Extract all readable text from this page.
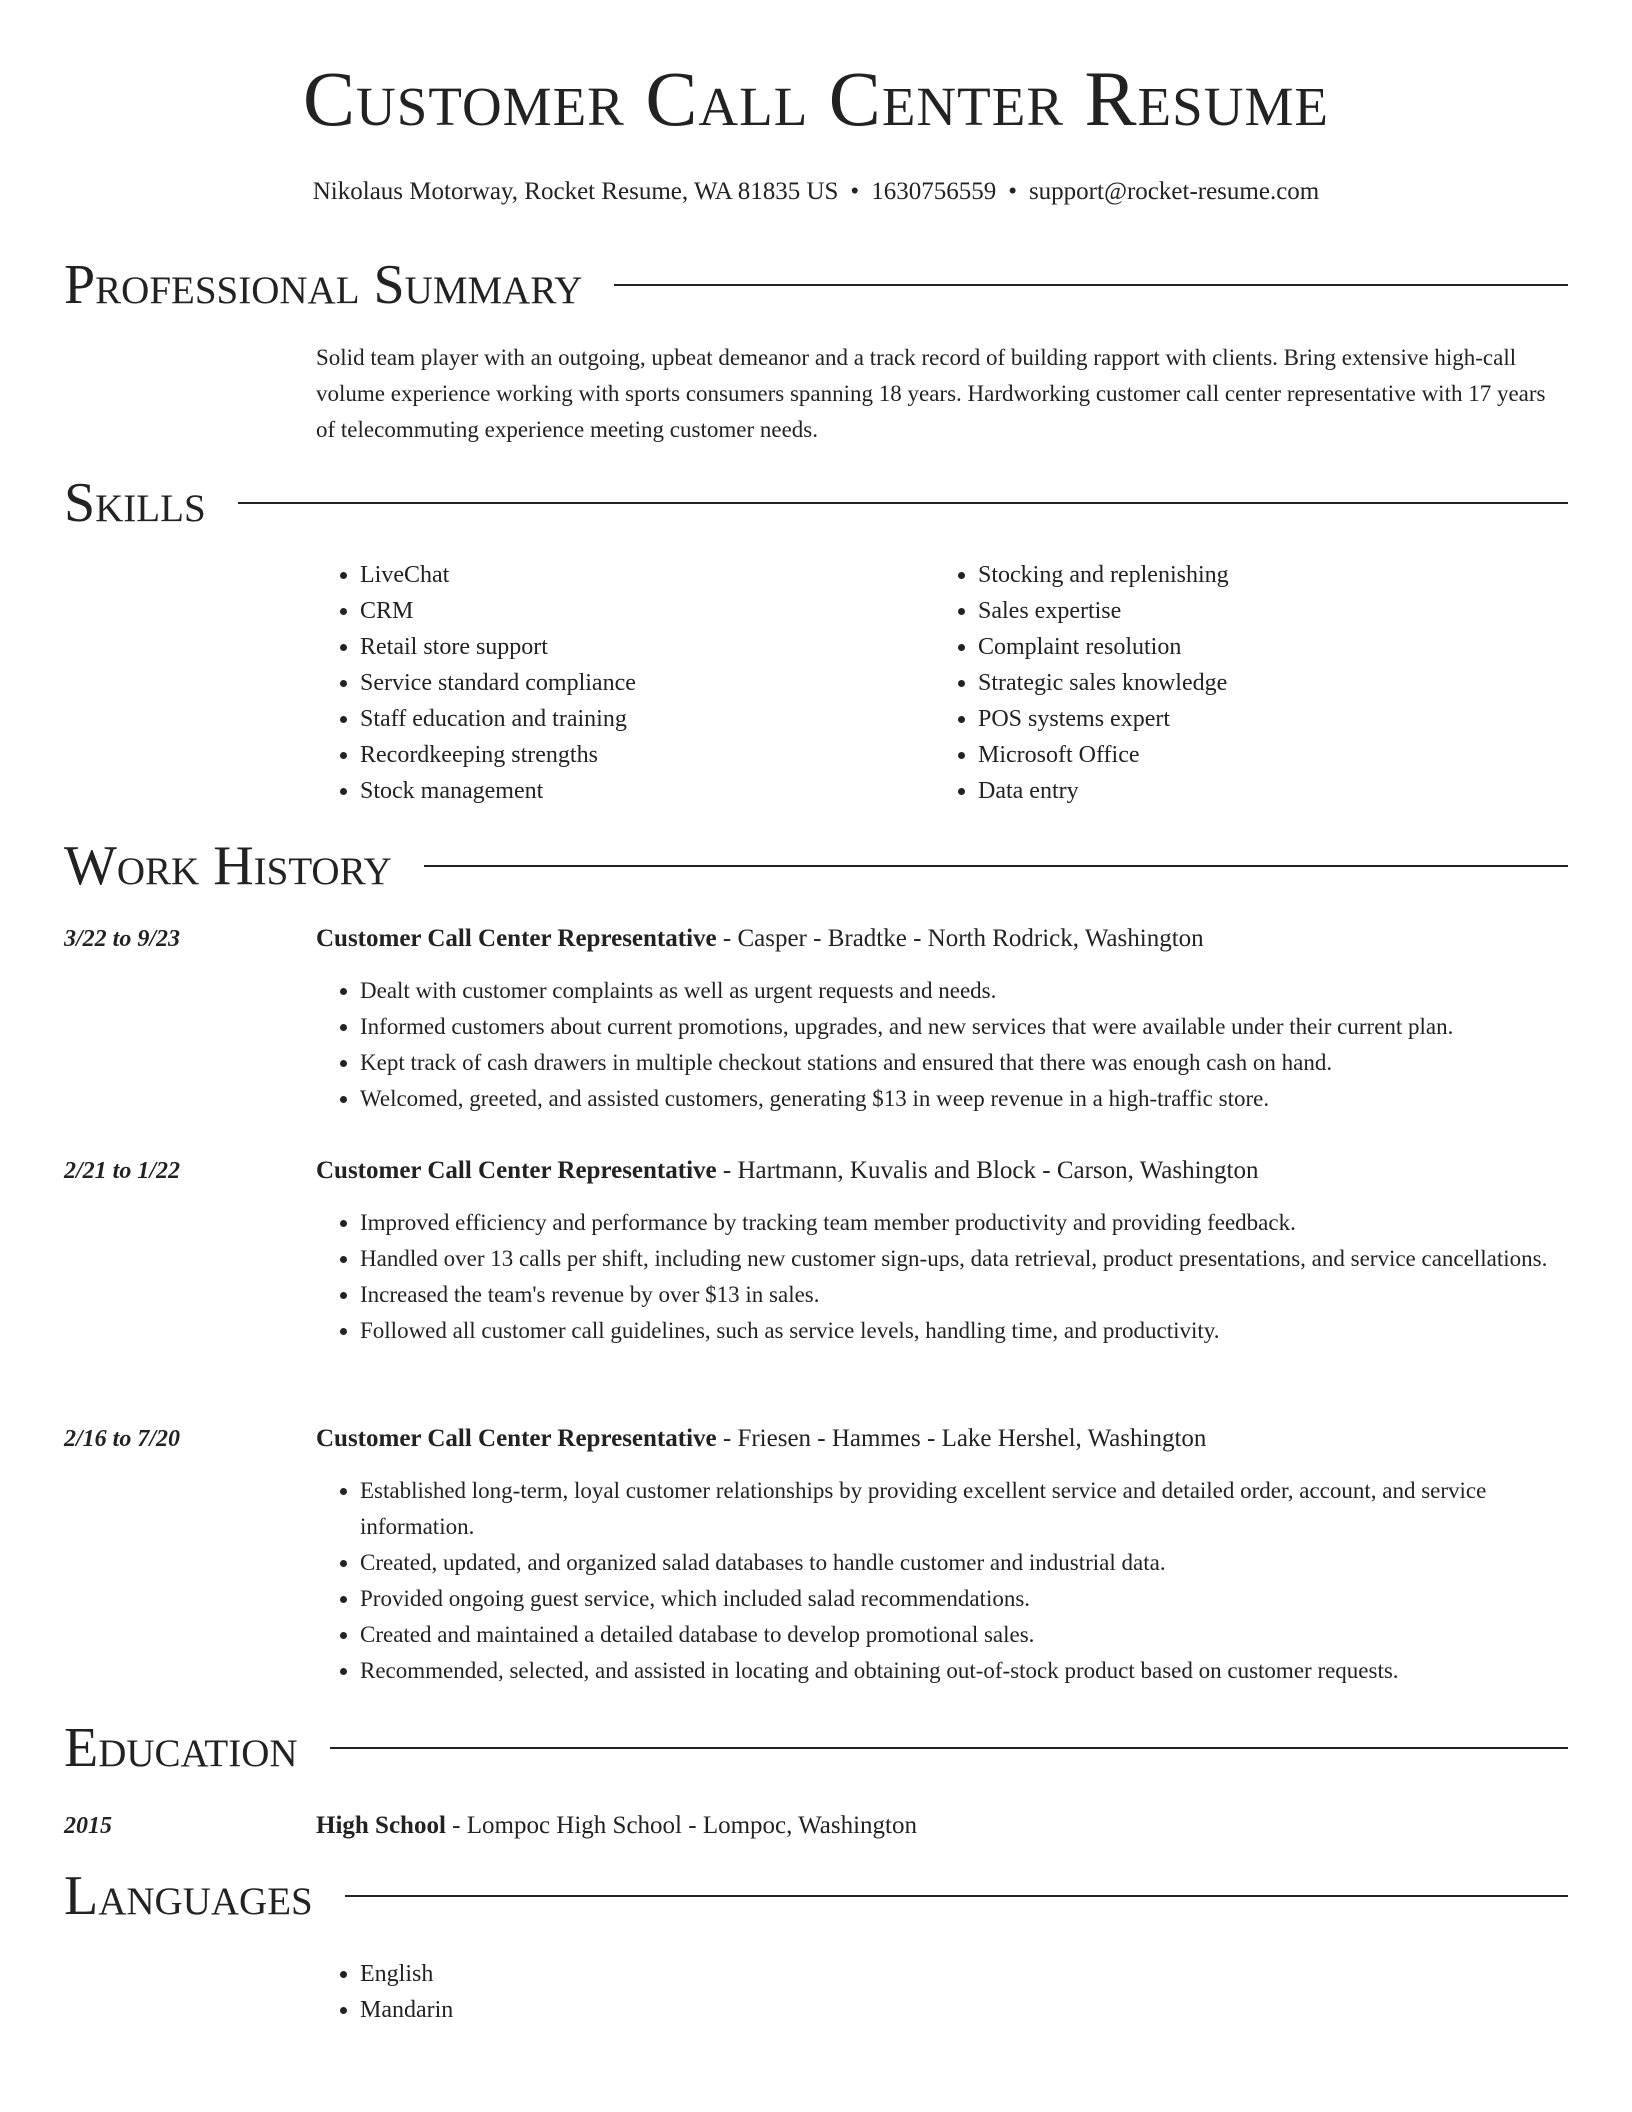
Customer Call Center Resume
Nikolaus Motorway, Rocket Resume, WA 81835 US • 1630756559 • support@rocket-resume.com
Professional Summary

Solid team player with an outgoing, upbeat demeanor and a track record of building rapport with clients. Bring extensive high-call volume experience working with sports consumers spanning 18 years. Hardworking customer call center representative with 17 years of telecommuting experience meeting customer needs.

Skills
• LiveChat
• CRM
• Retail store support
• Service standard compliance
• Staff education and training
• Recordkeeping strengths
• Stock management
• Stocking and replenishing
• Sales expertise
• Complaint resolution
• Strategic sales knowledge
• POS systems expert
• Microsoft Office
• Data entry
Work History
3/22 to 9/23	Customer Call Center Representative - Casper - Bradtke - North Rodrick, Washington
• Dealt with customer complaints as well as urgent requests and needs.
• Informed customers about current promotions, upgrades, and new services that were available under their current plan.
• Kept track of cash drawers in multiple checkout stations and ensured that there was enough cash on hand.
• Welcomed, greeted, and assisted customers, generating $13 in weep revenue in a high-traffic store.
2/21 to 1/22	Customer Call Center Representative - Hartmann, Kuvalis and Block - Carson, Washington
• Improved efficiency and performance by tracking team member productivity and providing feedback.
• Handled over 13 calls per shift, including new customer sign-ups, data retrieval, product presentations, and service cancellations.
• Increased the team's revenue by over $13 in sales.
• Followed all customer call guidelines, such as service levels, handling time, and productivity.
2/16 to 7/20	Customer Call Center Representative - Friesen - Hammes - Lake Hershel, Washington
• Established long-term, loyal customer relationships by providing excellent service and detailed order, account, and service information.
• Created, updated, and organized salad databases to handle customer and industrial data.
• Provided ongoing guest service, which included salad recommendations.
• Created and maintained a detailed database to develop promotional sales.
• Recommended, selected, and assisted in locating and obtaining out-of-stock product based on customer requests.
Education
2015	High School - Lompoc High School - Lompoc, Washington
Languages
• English
• Mandarin
